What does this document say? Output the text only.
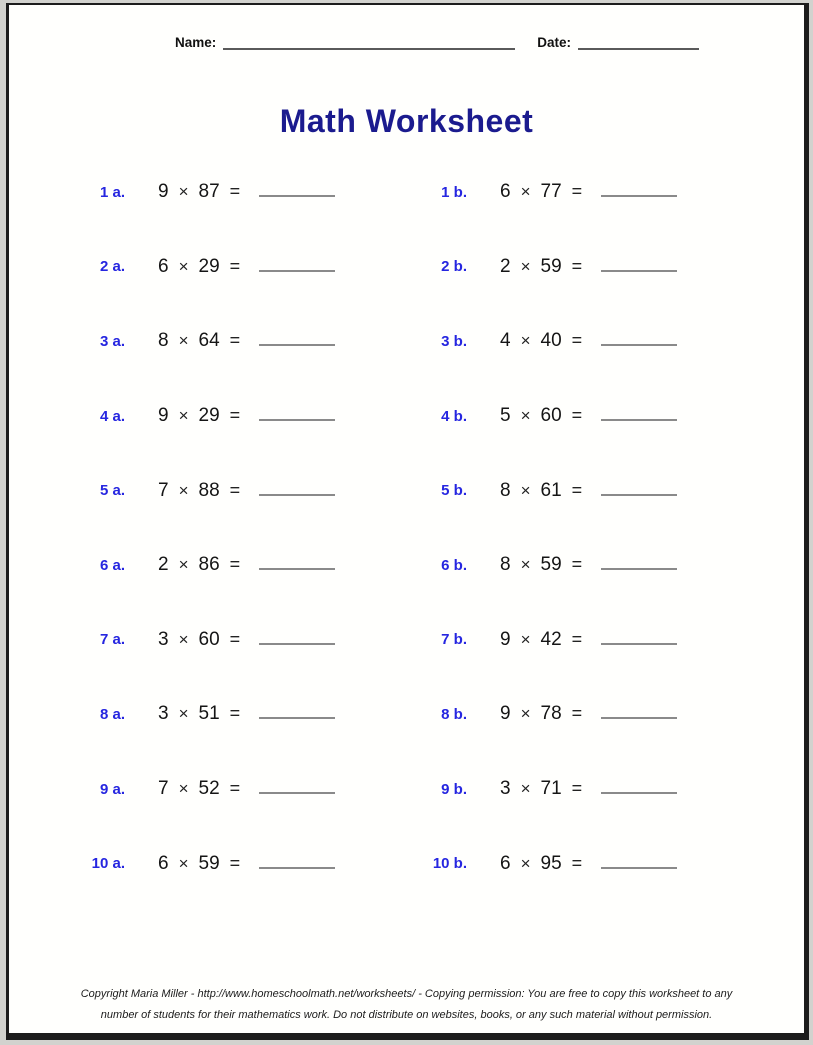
Name:	Date:
Math Worksheet
1 a. 9 × 87 =	1 b. 6 × 77 =
2 a. 6 × 29 =	2 b. 2 × 59 =
3 a. 8 × 64 =	3 b. 4 × 40 =
4 a. 9 × 29 =	4 b. 5 × 60 =
5 a. 7 × 88 =	5 b. 8 × 61 =
6 a. 2 × 86 =	6 b. 8 × 59 =
7 a. 3 × 60 =	7 b. 9 × 42 =
8 a. 3 × 51 =	8 b. 9 × 78 =
9 a. 7 × 52 =	9 b. 3 × 71 =
10 a. 6 × 59 =	10 b. 6 × 95 =
Copyright Maria Miller - http://www.homeschoolmath.net/worksheets/ - Copying permission: You are free to copy this worksheet to any
number of students for their mathematics work. Do not distribute on websites, books, or any such material without permission.
